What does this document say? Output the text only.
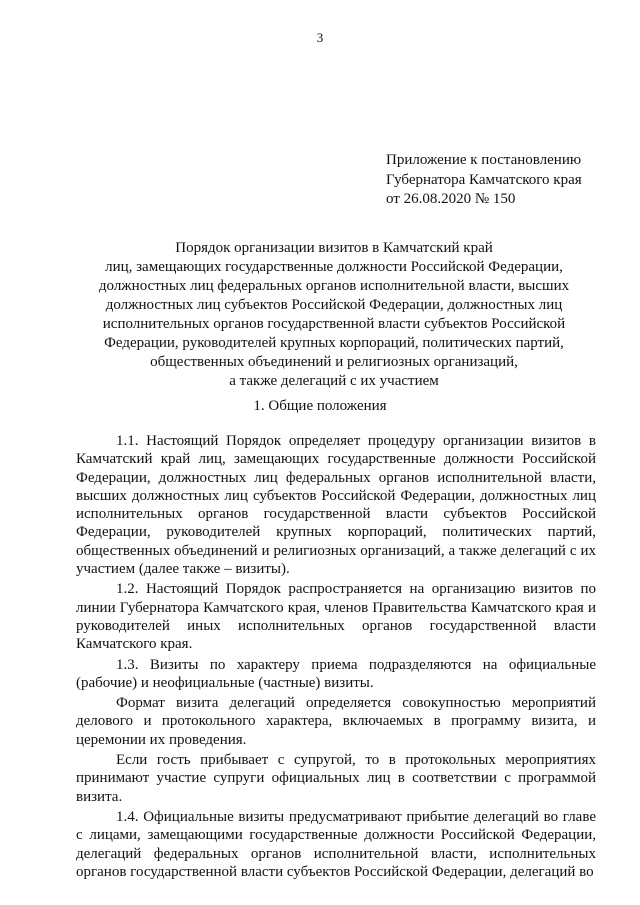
3
Приложение к постановлению
Губернатора Камчатского края
от 26.08.2020 № 150
Порядок организации визитов в Камчатский край
лиц, замещающих государственные должности Российской Федерации,
должностных лиц федеральных органов исполнительной власти, высших
должностных лиц субъектов Российской Федерации, должностных лиц
исполнительных органов государственной власти субъектов Российской
Федерации, руководителей крупных корпораций, политических партий,
общественных объединений и религиозных организаций,
а также делегаций с их участием
1. Общие положения

1.1. Настоящий Порядок определяет процедуру организации визитов в Камчатский край лиц, замещающих государственные должности Российской Федерации, должностных лиц федеральных органов исполнительной власти, высших должностных лиц субъектов Российской Федерации, должностных лиц исполнительных органов государственной власти субъектов Российской Федерации, руководителей крупных корпораций, политических партий, общественных объединений и религиозных организаций, а также делегаций с их участием (далее также – визиты).

1.2. Настоящий Порядок распространяется на организацию визитов по линии Губернатора Камчатского края, членов Правительства Камчатского края и руководителей иных исполнительных органов государственной власти Камчатского края.

1.3. Визиты по характеру приема подразделяются на официальные (рабочие) и неофициальные (частные) визиты.

Формат визита делегаций определяется совокупностью мероприятий делового и протокольного характера, включаемых в программу визита, и церемонии их проведения.

Если гость прибывает с супругой, то в протокольных мероприятиях принимают участие супруги официальных лиц в соответствии с программой визита.

1.4. Официальные визиты предусматривают прибытие делегаций во главе с лицами, замещающими государственные должности Российской Федерации, делегаций федеральных органов исполнительной власти, исполнительных органов государственной власти субъектов Российской Федерации, делегаций во
